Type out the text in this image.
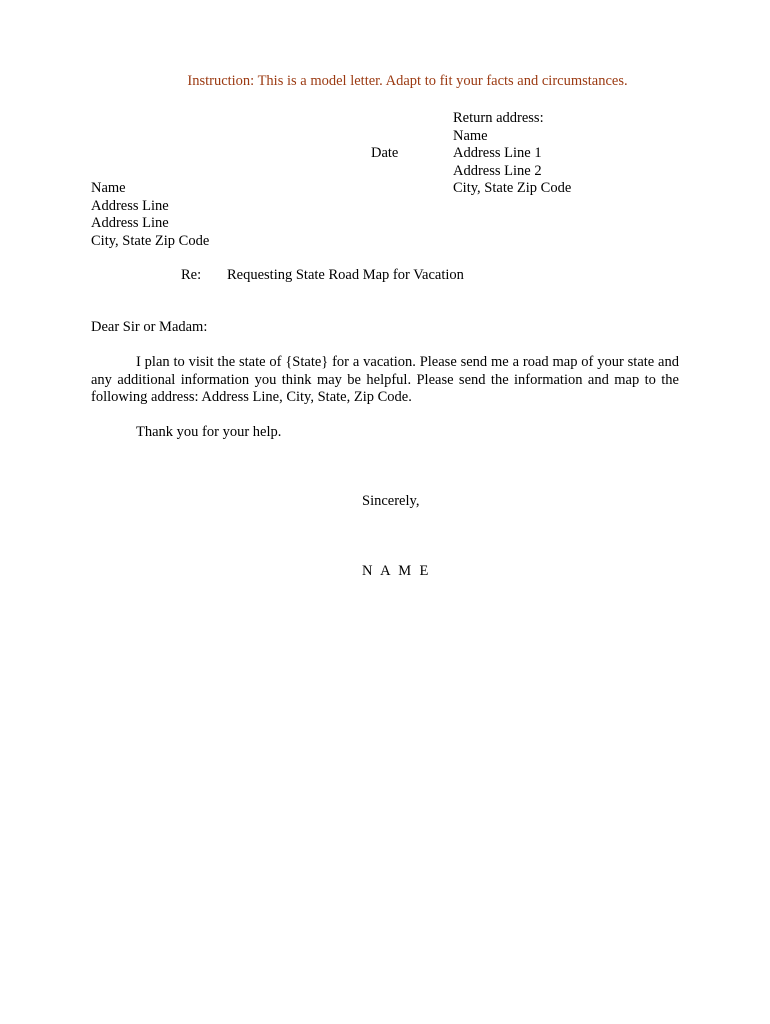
Instruction: This is a model letter. Adapt to fit your facts and circumstances.
Return address:
Name
Address Line 1
Address Line 2
City, State Zip Code
Date
Name
Address Line
Address Line
City, State Zip Code
Re: Requesting State Road Map for Vacation
Dear Sir or Madam:
I plan to visit the state of {State} for a vacation. Please send me a road map of your state and any additional information you think may be helpful. Please send the information and map to the following address: Address Line, City, State, Zip Code.
Thank you for your help.
Sincerely,
N A M E
